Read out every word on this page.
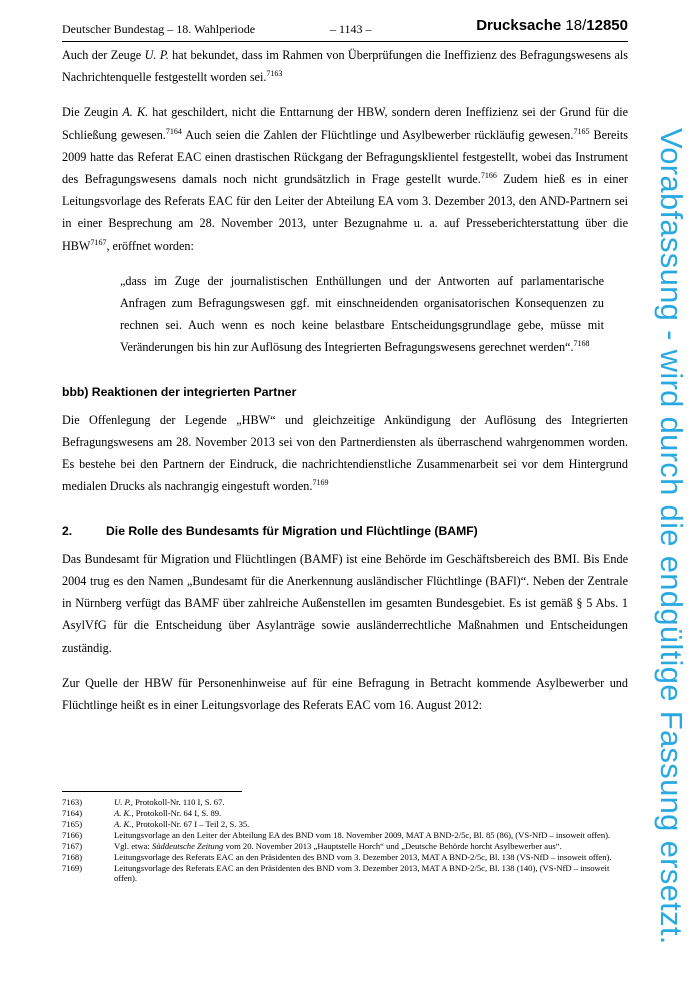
Deutscher Bundestag – 18. Wahlperiode	– 1143 –	Drucksache 18/12850

Auch der Zeuge U. P. hat bekundet, dass im Rahmen von Überprüfungen die Ineffizienz des Befragungswesens als Nachrichtenquelle festgestellt worden sei.$^{7163}$

Die Zeugin A. K. hat geschildert, nicht die Enttarnung der HBW, sondern deren Ineffizienz sei der Grund für die Schließung gewesen.$^{7164}$ Auch seien die Zahlen der Flüchtlinge und Asylbewerber rückläufig gewesen.$^{7165}$ Bereits 2009 hatte das Referat EAC einen drastischen Rückgang der Befragungsklientel festgestellt, wobei das Instrument des Befragungswesens damals noch nicht grundsätzlich in Frage gestellt wurde.$^{7166}$ Zudem hieß es in einer Leitungsvorlage des Referats EAC für den Leiter der Abteilung EA vom 3. Dezember 2013, den AND-Partnern sei in einer Besprechung am 28. November 2013, unter Bezugnahme u. a. auf Presseberichterstattung über die $HBW^{7167}$, eröffnet worden:

„dass im Zuge der journalistischen Enthüllungen und der Antworten auf parlamentarische Anfragen zum Befragungswesen ggf. mit einschneidenden organisatorischen Konsequenzen zu rechnen sei. Auch wenn es noch keine belastbare Entscheidungsgrundlage gebe, müsse mit Veränderungen bis hin zur Auflösung des Integrierten Befragungswesens gerechnet werden“.$^{7168}$

bbb) Reaktionen der integrierten Partner

Die Offenlegung der Legende „HBW“ und gleichzeitige Ankündigung der Auflösung des Integrierten Befragungswesens am 28. November 2013 sei von den Partnerdiensten als überraschend wahrgenommen worden. Es bestehe bei den Partnern der Eindruck, die nachrichtendienstliche Zusammenarbeit sei vor dem Hintergrund medialen Drucks als nachrangig eingestuft worden.$^{7169}$

2.	Die Rolle des Bundesamts für Migration und Flüchtlinge (BAMF)

Das Bundesamt für Migration und Flüchtlingen (BAMF) ist eine Behörde im Geschäftsbereich des BMI. Bis Ende 2004 trug es den Namen „Bundesamt für die Anerkennung ausländischer Flüchtlinge (BAFl)“. Neben der Zentrale in Nürnberg verfügt das BAMF über zahlreiche Außenstellen im gesamten Bundesgebiet. Es ist gemäß § 5 Abs. 1 AsylVfG für die Entscheidung über Asylanträge sowie ausländerrechtliche Maßnahmen und Entscheidungen zuständig.

Zur Quelle der HBW für Personenhinweise auf für eine Befragung in Betracht kommende Asylbewerber und Flüchtlinge heißt es in einer Leitungsvorlage des Referats EAC vom 16. August 2012:

7163)	U. P., Protokoll-Nr. 110 I, S. 67.
7164)	A. K., Protokoll-Nr. 64 I, S. 89.
7165)	A. K., Protokoll-Nr. 67 I – Teil 2, S. 35.
7166)	Leitungsvorlage an den Leiter der Abteilung EA des BND vom 18. November 2009, MAT A BND-2/5c, Bl. 85 (86), (VS-NfD – insoweit offen).
7167)	Vgl. etwa: Süddeutsche Zeitung vom 20. November 2013 „Hauptstelle Horch“ und „Deutsche Behörde horcht Asylbewerber aus“.
7168)	Leitungsvorlage des Referats EAC an den Präsidenten des BND vom 3. Dezember 2013, MAT A BND-2/5c, Bl. 138 (VS-NfD – insoweit offen).
7169)	Leitungsvorlage des Referats EAC an den Präsidenten des BND vom 3. Dezember 2013, MAT A BND-2/5c, Bl. 138 (140), (VS-NfD – insoweit offen).	Vorabfassung - wird durch die endgültige Fassung ersetzt.
